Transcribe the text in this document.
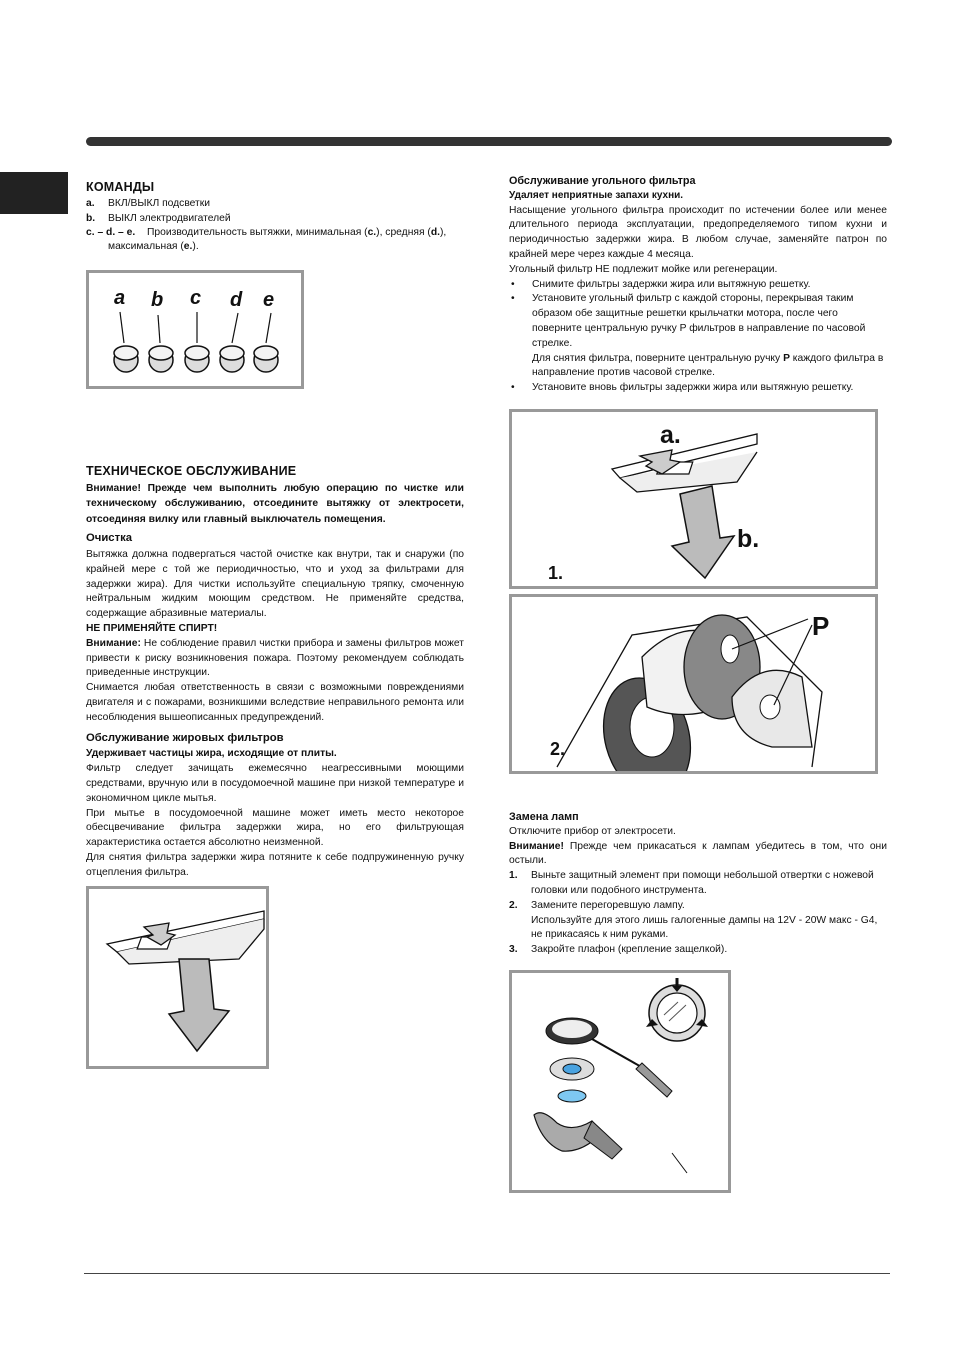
КОМАНДЫ
a. ВКЛ/ВЫКЛ подсветки
b. ВЫКЛ электродвигателей
c. – d. – e. Производительность вытяжки, минимальная (c.), средняя (d.),

максимальная (e.).
a b c d e
ТЕХНИЧЕСКОЕ ОБСЛУЖИВАНИЕ

Внимание! Прежде чем выполнить любую операцию по чистке или техническому обслуживанию, отсоедините вытяжку от электросети, отсоединяя вилку или главный выключатель помещения.

Очистка

Вытяжка должна подвергаться частой очистке как внутри, так и снаружи (по крайней мере с той же периодичностью, что и уход за фильтрами для задержки жира). Для чистки используйте специальную тряпку, смоченную нейтральным жидким моющим средством. Не применяйте средства, содержащие абразивные материалы.

НЕ ПРИМЕНЯЙТЕ СПИРТ!

Внимание: Не соблюдение правил чистки прибора и замены фильтров может привести к риску возникновения пожара. Поэтому рекомендуем соблюдать приведенные инструкции.

Снимается любая ответственность в связи с возможными повреждениями двигателя и с пожарами, возникшими вследствие неправильного ремонта или несоблюдения вышеописанных предупреждений.

Обслуживание жировых фильтров

Удерживает частицы жира, исходящие от плиты.

Фильтр следует зачищать ежемесячно неагрессивными моющими средствами, вручную или в посудомоечной машине при низкой температуре и экономичном цикле мытья.

При мытье в посудомоечной машине может иметь место некоторое обесцвечивание фильтра задержки жира, но его фильтрующая характеристика остается абсолютно неизменной.

Для снятия фильтра задержки жира потяните к себе подпружиненную ручку отцепления фильтра.

Обслуживание угольного фильтра

Удаляет неприятные запахи кухни.

Насыщение угольного фильтра происходит по истечении более или менее длительного периода эксплуатации, предопределяемого типом кухни и периодичностью задержки жира. В любом случае, заменяйте патрон по крайней мере через каждые 4 месяца.

Угольный фильтр НЕ подлежит мойке или регенерации.

• Снимите фильтры задержки жира или вытяжную решетку.
• Установите угольный фильтр с каждой стороны, перекрывая таким образом обе защитные решетки крыльчатки мотора, после чего поверните центральную ручку P фильтров в направление по часовой стрелке.

Для снятия фильтра, поверните центральную ручку P каждого фильтра в направление против часовой стрелке.

• Установите вновь фильтры задержки жира или вытяжную решетку.
a.
b.
1.
P
2.
Замена ламп

Отключите прибор от электросети.

Внимание! Прежде чем прикасаться к лампам убедитесь в том, что они остыли.

1. Выньте защитный элемент при помощи небольшой отвертки с ножевой головки или подобного инструмента.

2. Замените перегоревшую лампу.

Используйте для этого лишь галогенные дампы на 12V - 20W макс - G4, не прикасаясь к ним руками.

3. Закройте плафон (крепление защелкой).
